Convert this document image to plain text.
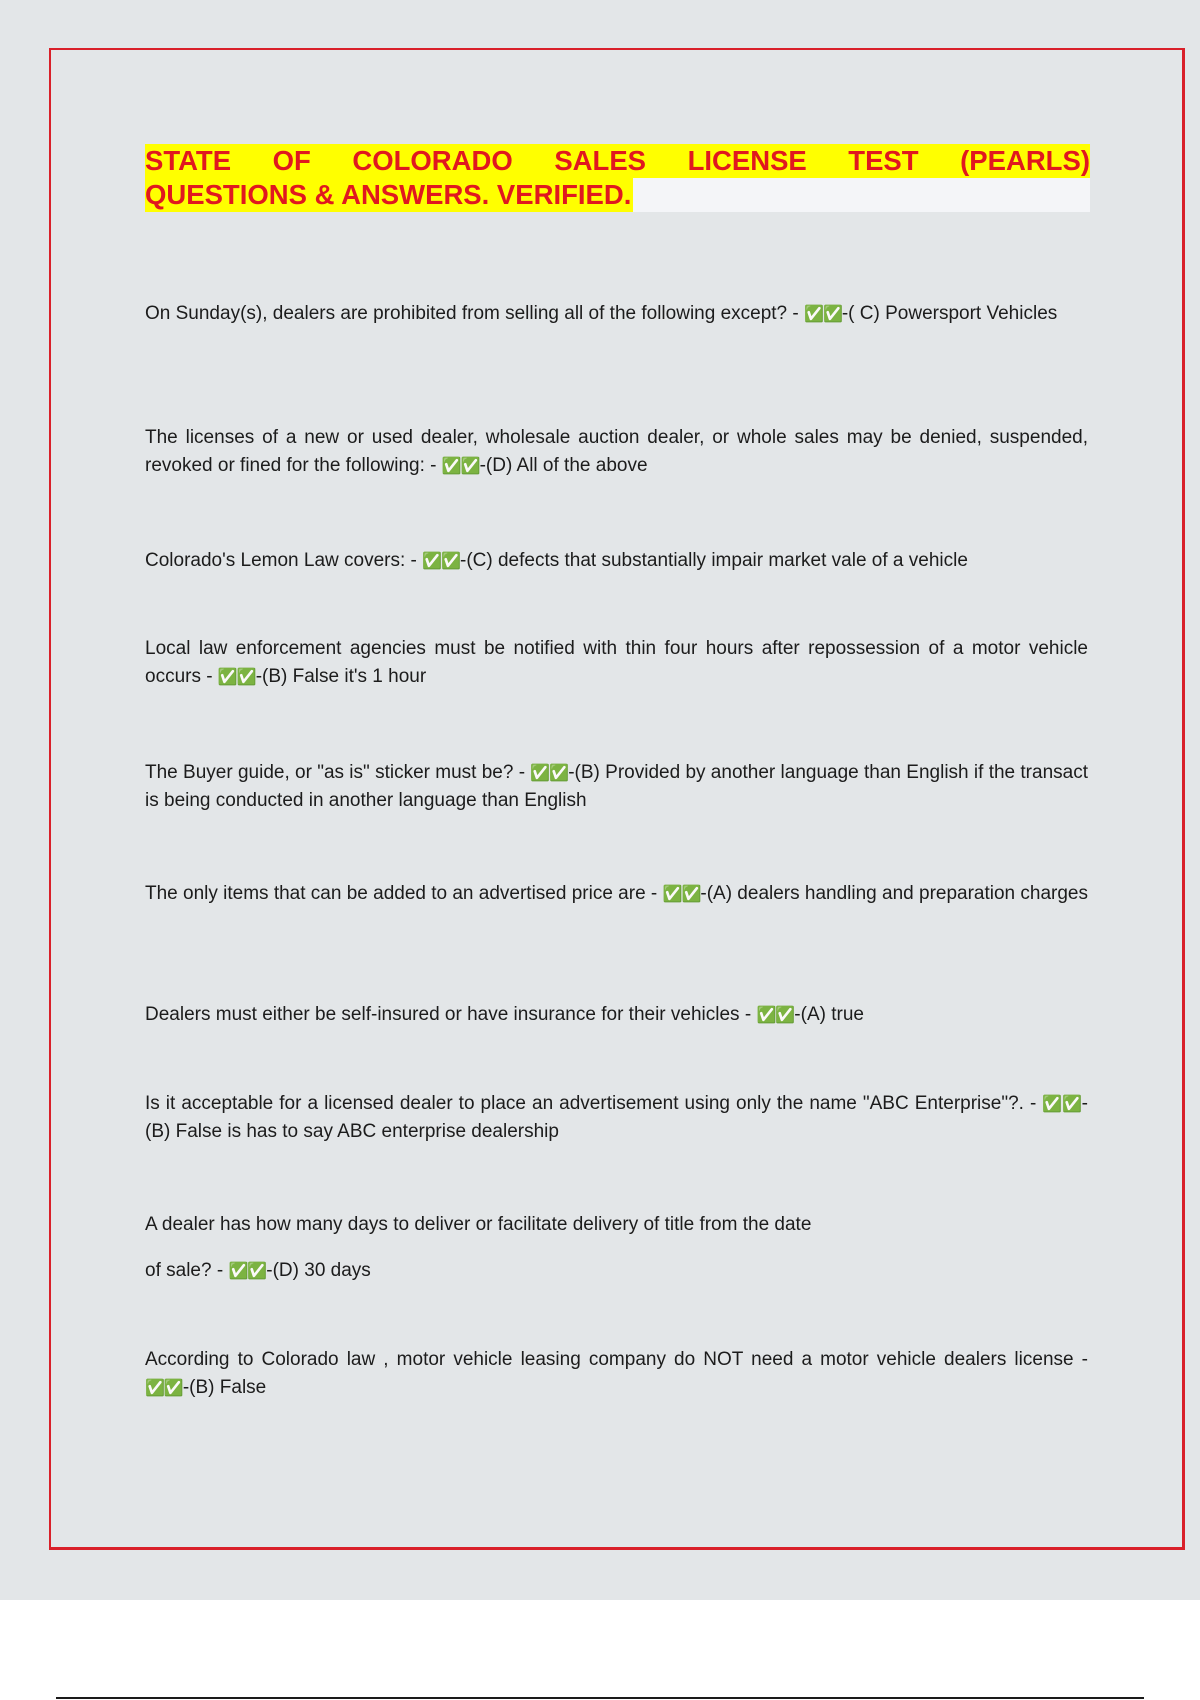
STATE OF COLORADO SALES LICENSE TEST (PEARLS)
QUESTIONS & ANSWERS. VERIFIED.

On Sunday(s), dealers are prohibited from selling all of the following except? - ✅✅-( C) Powersport Vehicles

The licenses of a new or used dealer, wholesale auction dealer, or whole sales may be denied, suspended, revoked or fined for the following: - ✅✅-(D) All of the above

Colorado's Lemon Law covers: - ✅✅-(C) defects that substantially impair market vale of a vehicle

Local law enforcement agencies must be notified with thin four hours after repossession of a motor vehicle occurs - ✅✅-(B) False it's 1 hour

The Buyer guide, or "as is" sticker must be? - ✅✅-(B) Provided by another language than English if the transact is being conducted in another language than English

The only items that can be added to an advertised price are - ✅✅-(A) dealers handling and preparation charges

Dealers must either be self-insured or have insurance for their vehicles - ✅✅-(A) true

Is it acceptable for a licensed dealer to place an advertisement using only the name "ABC Enterprise"?. - ✅✅-(B) False is has to say ABC enterprise dealership

A dealer has how many days to deliver or facilitate delivery of title from the date

of sale? - ✅✅-(D) 30 days

According to Colorado law , motor vehicle leasing company do NOT need a motor vehicle dealers license - ✅✅-(B) False
